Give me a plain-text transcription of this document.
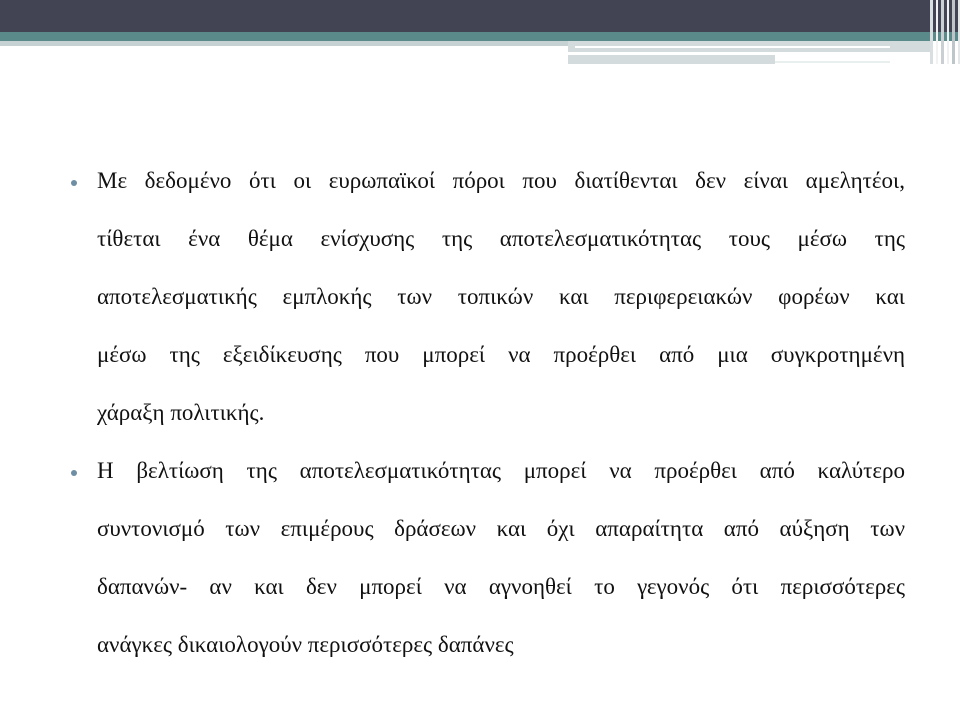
Με δεδομένο ότι οι ευρωπαϊκοί πόροι που διατίθενται δεν είναι αμελητέοι,
τίθεται ένα θέμα ενίσχυσης της αποτελεσματικότητας τους μέσω της
αποτελεσματικής εμπλοκής των τοπικών και περιφερειακών φορέων και
μέσω της εξειδίκευσης που μπορεί να προέρθει από μια συγκροτημένη
χάραξη πολιτικής.
Η βελτίωση της αποτελεσματικότητας μπορεί να προέρθει από καλύτερο
συντονισμό των επιμέρους δράσεων και όχι απαραίτητα από αύξηση των
δαπανών- αν και δεν μπορεί να αγνοηθεί το γεγονός ότι περισσότερες
ανάγκες δικαιολογούν περισσότερες δαπάνες
